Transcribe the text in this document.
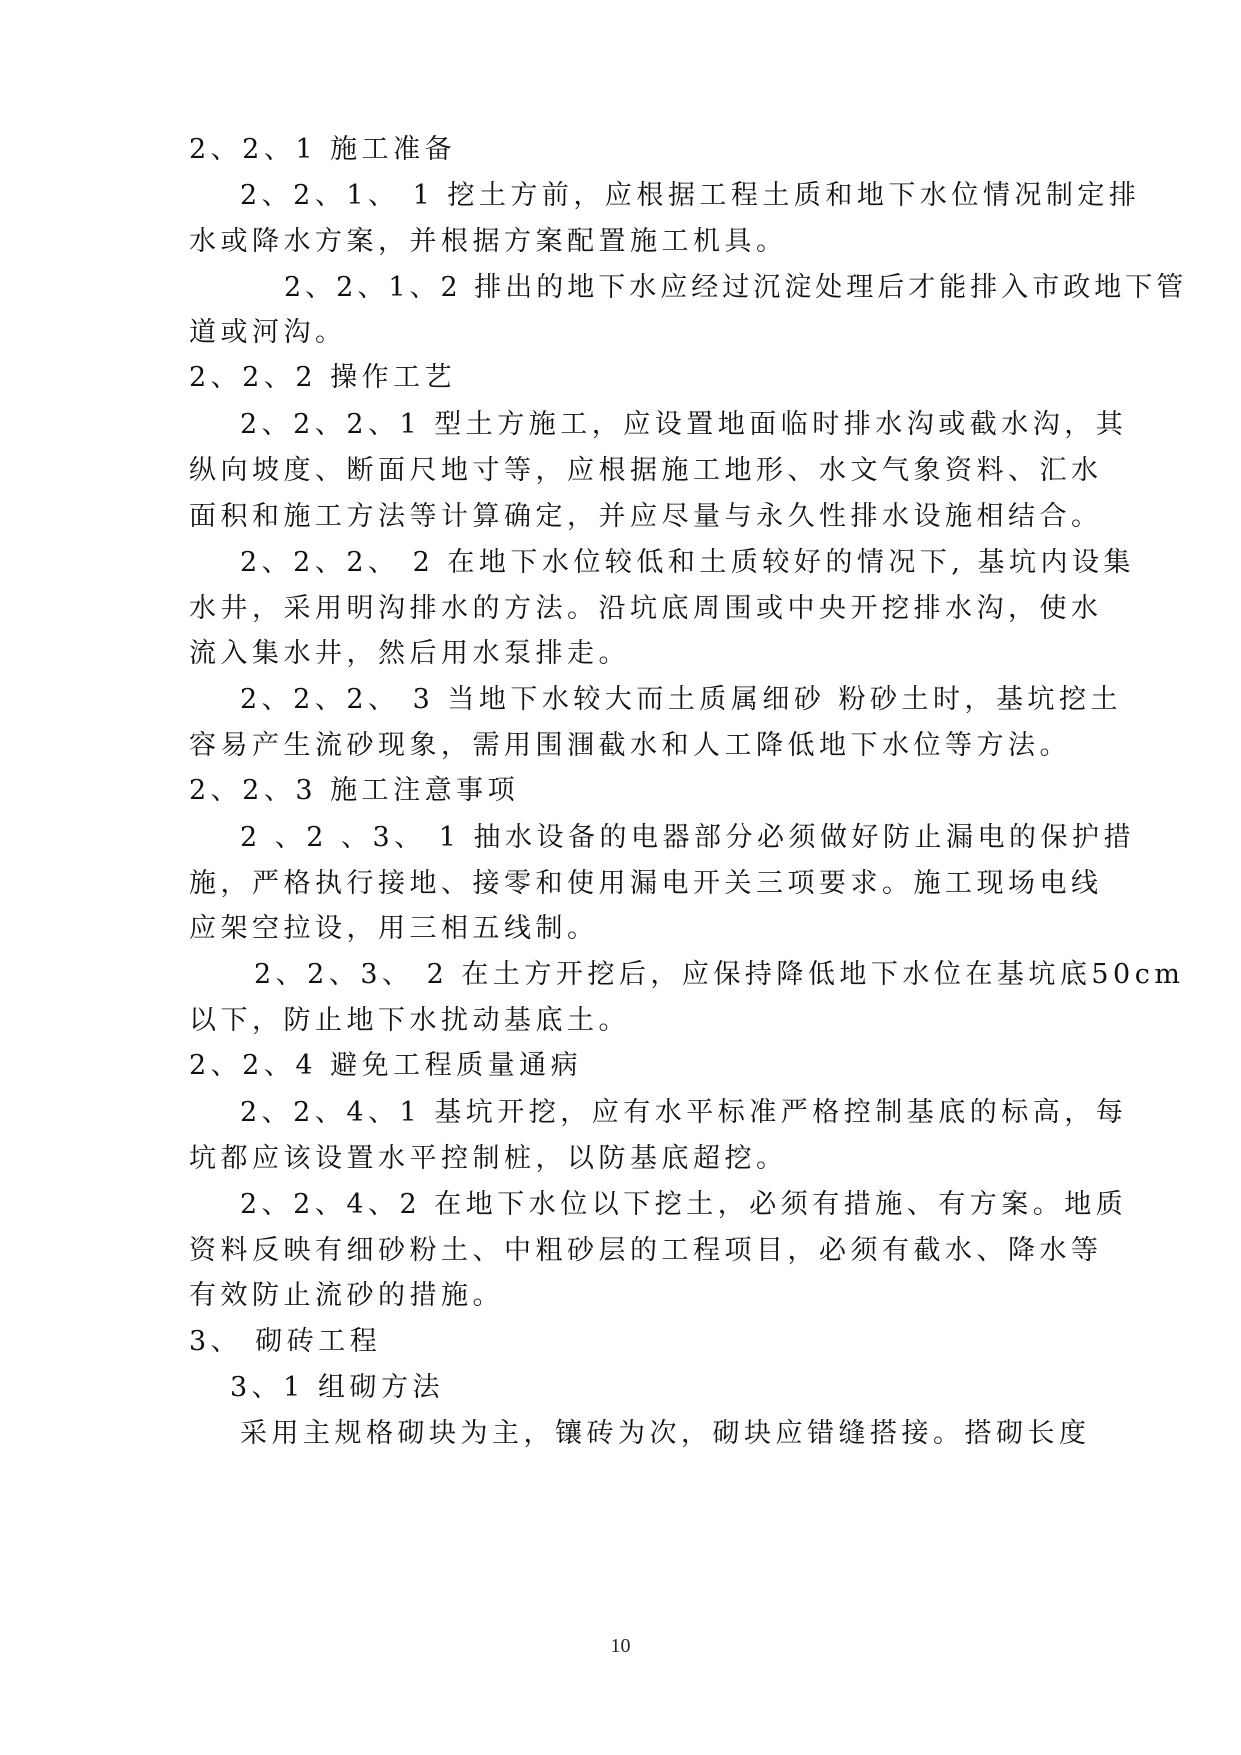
2、2、1 施工准备
2、2、1、 1 挖土方前，应根据工程土质和地下水位情况制定排
水或降水方案，并根据方案配置施工机具。
2、2、1、2 排出的地下水应经过沉淀处理后才能排入市政地下管
道或河沟。
2、2、2 操作工艺
2、2、2、1 型土方施工，应设置地面临时排水沟或截水沟，其
纵向坡度、断面尺地寸等，应根据施工地形、水文气象资料、汇水
面积和施工方法等计算确定，并应尽量与永久性排水设施相结合。
2、2、2、 2 在地下水位较低和土质较好的情况下, 基坑内设集
水井，采用明沟排水的方法。沿坑底周围或中央开挖排水沟，使水
流入集水井，然后用水泵排走。
2、2、2、 3 当地下水较大而土质属细砂 粉砂土时，基坑挖土
容易产生流砂现象，需用围涠截水和人工降低地下水位等方法。
2、2、3 施工注意事项
2 、2 、3、 1 抽水设备的电器部分必须做好防止漏电的保护措
施，严格执行接地、接零和使用漏电开关三项要求。施工现场电线
应架空拉设，用三相五线制。
2、2、3、 2 在土方开挖后，应保持降低地下水位在基坑底50cm
以下，防止地下水扰动基底土。
2、2、4 避免工程质量通病
2、2、4、1 基坑开挖，应有水平标准严格控制基底的标高，每
坑都应该设置水平控制桩，以防基底超挖。
2、2、4、2 在地下水位以下挖土，必须有措施、有方案。地质
资料反映有细砂粉土、中粗砂层的工程项目，必须有截水、降水等
有效防止流砂的措施。
3、 砌砖工程
3、1 组砌方法
采用主规格砌块为主，镶砖为次，砌块应错缝搭接。搭砌长度
10
